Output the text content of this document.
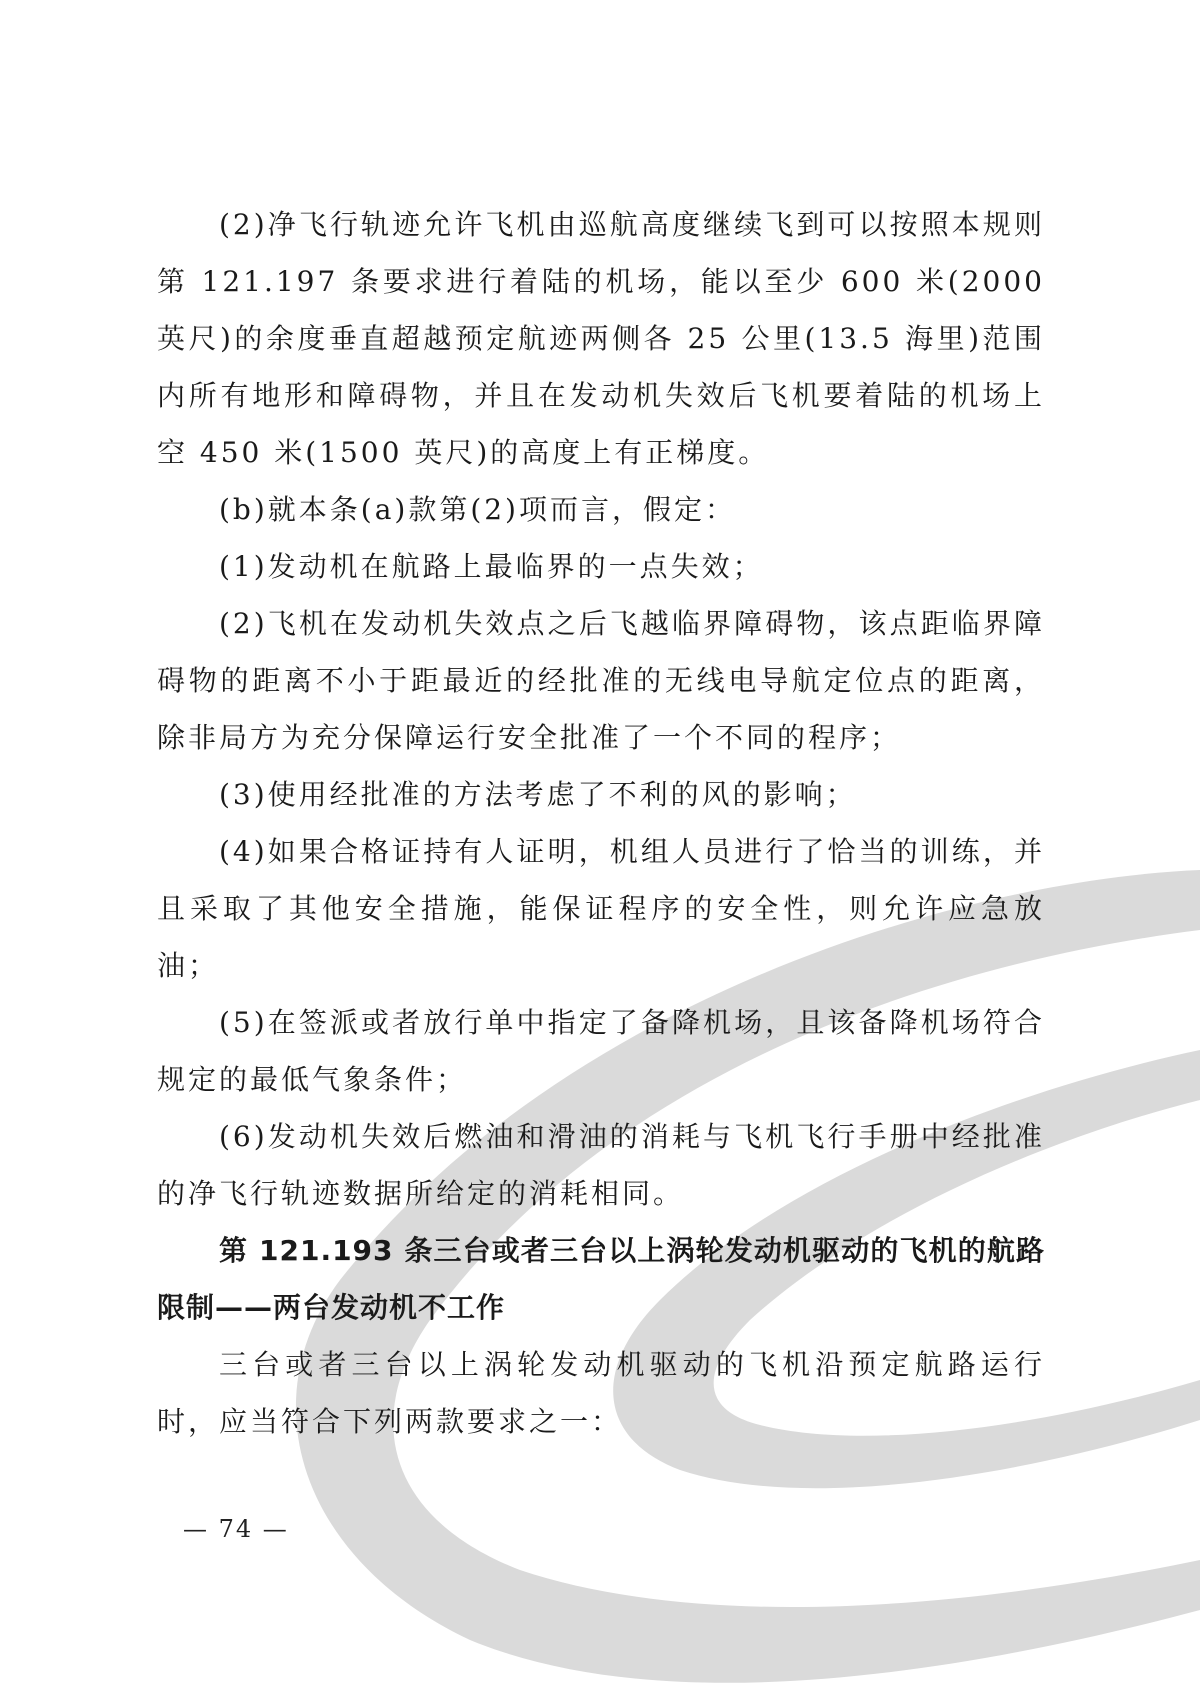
(2)净飞行轨迹允许飞机由巡航高度继续飞到可以按照本规则第 121.197 条要求进行着陆的机场，能以至少 600 米(2000 英尺)的余度垂直超越预定航迹两侧各 25 公里(13.5 海里)范围内所有地形和障碍物，并且在发动机失效后飞机要着陆的机场上空 450 米(1500 英尺)的高度上有正梯度。

(b)就本条(a)款第(2)项而言，假定：

(1)发动机在航路上最临界的一点失效；

(2)飞机在发动机失效点之后飞越临界障碍物，该点距临界障碍物的距离不小于距最近的经批准的无线电导航定位点的距离，除非局方为充分保障运行安全批准了一个不同的程序；

(3)使用经批准的方法考虑了不利的风的影响；

(4)如果合格证持有人证明，机组人员进行了恰当的训练，并且采取了其他安全措施，能保证程序的安全性，则允许应急放油；

(5)在签派或者放行单中指定了备降机场，且该备降机场符合规定的最低气象条件；

(6)发动机失效后燃油和滑油的消耗与飞机飞行手册中经批准的净飞行轨迹数据所给定的消耗相同。

第 121.193 条三台或者三台以上涡轮发动机驱动的飞机的航路限制——两台发动机不工作

三台或者三台以上涡轮发动机驱动的飞机沿预定航路运行时，应当符合下列两款要求之一：

— 74 —
